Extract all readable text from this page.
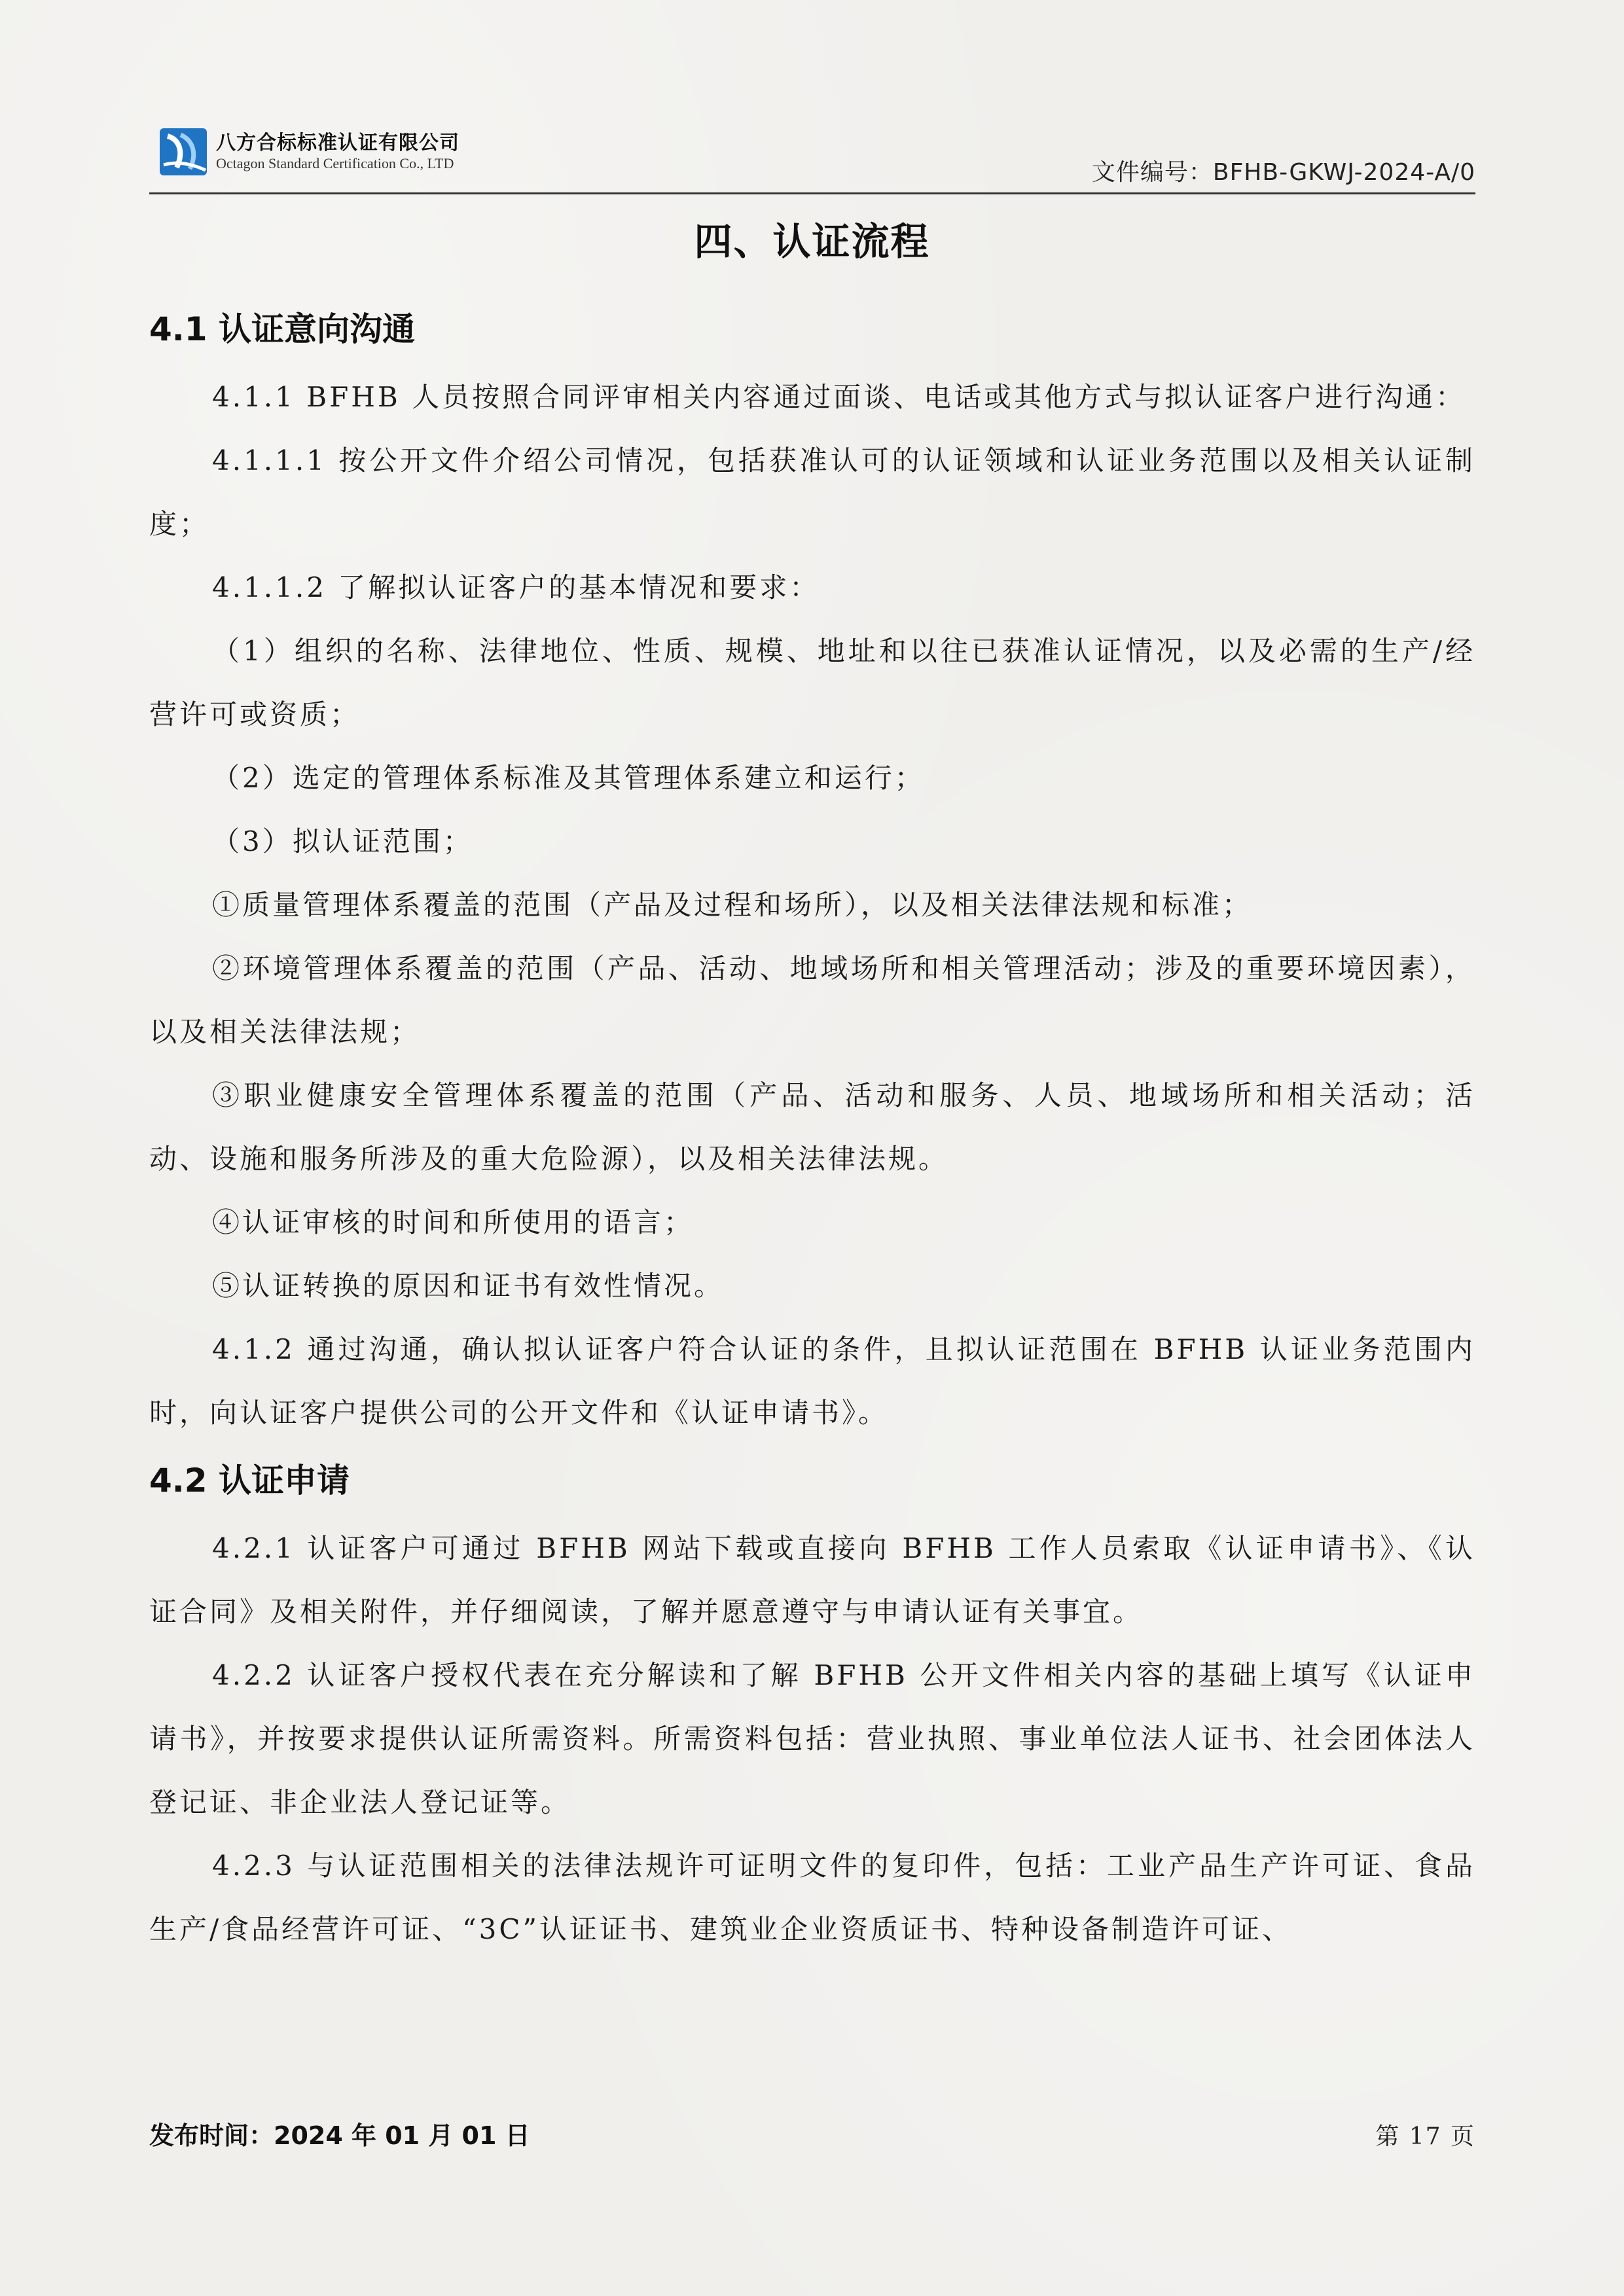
八方合标标准认证有限公司
Octagon Standard Certification Co., LTD	文件编号：BFHB-GKWJ-2024-A/0
四、认证流程
4.1 认证意向沟通

4.1.1 BFHB 人员按照合同评审相关内容通过面谈、电话或其他方式与拟认证客户进行沟通：

4.1.1.1 按公开文件介绍公司情况，包括获准认可的认证领域和认证业务范围以及相关认证制度；

4.1.1.2 了解拟认证客户的基本情况和要求：

（1）组织的名称、法律地位、性质、规模、地址和以往已获准认证情况，以及必需的生产/经营许可或资质；

（2）选定的管理体系标准及其管理体系建立和运行；

（3）拟认证范围；

①质量管理体系覆盖的范围（产品及过程和场所），以及相关法律法规和标准；

②环境管理体系覆盖的范围（产品、活动、地域场所和相关管理活动；涉及的重要环境因素），以及相关法律法规；

③职业健康安全管理体系覆盖的范围（产品、活动和服务、人员、地域场所和相关活动；活动、设施和服务所涉及的重大危险源），以及相关法律法规。

④认证审核的时间和所使用的语言；

⑤认证转换的原因和证书有效性情况。

4.1.2 通过沟通，确认拟认证客户符合认证的条件，且拟认证范围在 BFHB 认证业务范围内时，向认证客户提供公司的公开文件和《认证申请书》。

4.2 认证申请

4.2.1 认证客户可通过 BFHB 网站下载或直接向 BFHB 工作人员索取《认证申请书》、《认证合同》及相关附件，并仔细阅读，了解并愿意遵守与申请认证有关事宜。

4.2.2 认证客户授权代表在充分解读和了解 BFHB 公开文件相关内容的基础上填写《认证申请书》，并按要求提供认证所需资料。所需资料包括：营业执照、事业单位法人证书、社会团体法人登记证、非企业法人登记证等。

4.2.3 与认证范围相关的法律法规许可证明文件的复印件，包括：工业产品生产许可证、食品生产/食品经营许可证、“3C”认证证书、建筑业企业资质证书、特种设备制造许可证、

发布时间：2024 年 01 月 01 日	第 17 页
